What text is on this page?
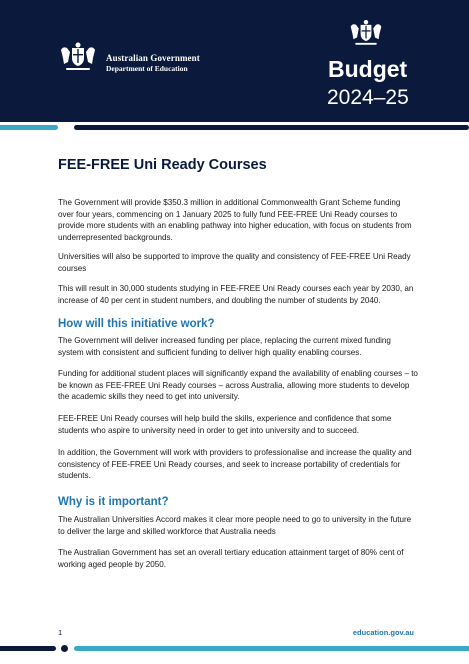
Australian Government
Department of Education	Budget
2024–25
FEE-FREE Uni Ready Courses
The Government will provide $350.3 million in additional Commonwealth Grant Scheme funding over four years, commencing on 1 January 2025 to fully fund FEE-FREE Uni Ready courses to provide more students with an enabling pathway into higher education, with focus on students from underrepresented backgrounds.
Universities will also be supported to improve the quality and consistency of FEE-FREE Uni Ready courses
This will result in 30,000 students studying in FEE-FREE Uni Ready courses each year by 2030, an increase of 40 per cent in student numbers, and doubling the number of students by 2040.
How will this initiative work?
The Government will deliver increased funding per place, replacing the current mixed funding system with consistent and sufficient funding to deliver high quality enabling courses.
Funding for additional student places will significantly expand the availability of enabling courses – to be known as FEE-FREE Uni Ready courses – across Australia, allowing more students to develop the academic skills they need to get into university.
FEE-FREE Uni Ready courses will help build the skills, experience and confidence that some students who aspire to university need in order to get into university and to succeed.
In addition, the Government will work with providers to professionalise and increase the quality and consistency of FEE-FREE Uni Ready courses, and seek to increase portability of credentials for students.
Why is it important?
The Australian Universities Accord makes it clear more people need to go to university in the future to deliver the large and skilled workforce that Australia needs
The Australian Government has set an overall tertiary education attainment target of 80% cent of working aged people by 2050.
1	education.gov.au
